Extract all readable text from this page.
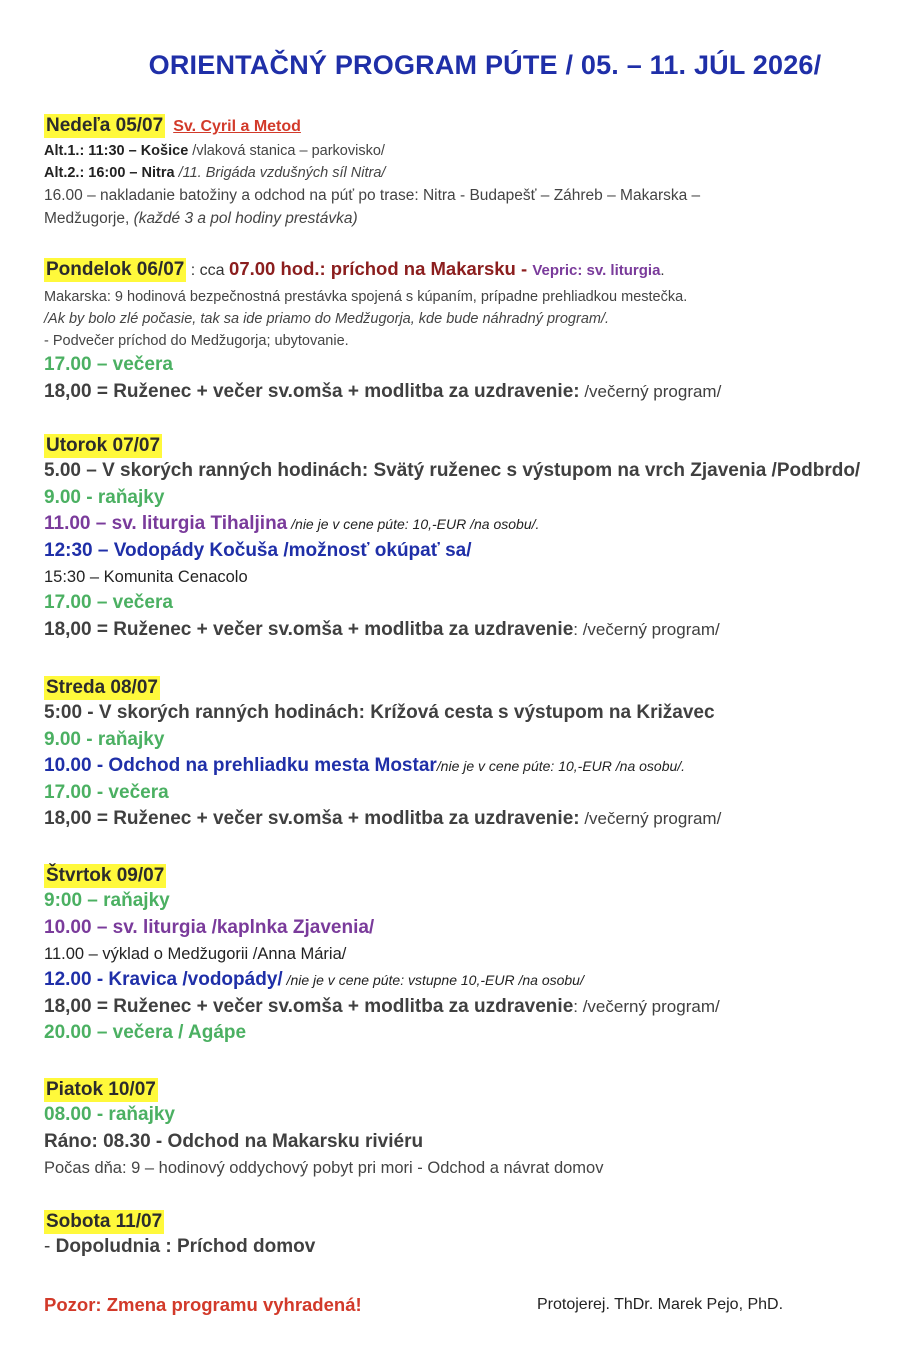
ORIENTAČNÝ PROGRAM PÚTE / 05. – 11. JÚL 2026/
Nedeľa 05/07 Sv. Cyril a Metod
Alt.1.: 11:30 – Košice /vlaková stanica – parkovisko/
Alt.2.: 16:00 – Nitra /11. Brigáda vzdušných síl Nitra/
16.00 – nakladanie batožiny a odchod na púť po trase: Nitra - Budapešť – Záhreb – Makarska –
Medžugorje, (každé 3 a pol hodiny prestávka)
Pondelok 06/07 : cca 07.00 hod.: príchod na Makarsku - Vepric: sv. liturgia.
Makarska: 9 hodinová bezpečnostná prestávka spojená s kúpaním, prípadne prehliadkou mestečka.
/Ak by bolo zlé počasie, tak sa ide priamo do Medžugorja, kde bude náhradný program/.
- Podvečer príchod do Medžugorja; ubytovanie.
17.00 – večera
18,00 = Ruženec + večer sv.omša + modlitba za uzdravenie: /večerný program/
Utorok 07/07
5.00 – V skorých ranných hodinách: Svätý ruženec s výstupom na vrch Zjavenia /Podbrdo/
9.00 - raňajky
11.00 – sv. liturgia Tihaljina /nie je v cene púte: 10,-EUR /na osobu/.
12:30 – Vodopády Kočuša /možnosť okúpať sa/
15:30 – Komunita Cenacolo
17.00 – večera
18,00 = Ruženec + večer sv.omša + modlitba za uzdravenie: /večerný program/
Streda 08/07
5:00 - V skorých ranných hodinách: Krížová cesta s výstupom na Križavec
9.00 - raňajky
10.00 - Odchod na prehliadku mesta Mostar/nie je v cene púte: 10,-EUR /na osobu/.
17.00 - večera
18,00 = Ruženec + večer sv.omša + modlitba za uzdravenie: /večerný program/
Štvrtok 09/07
9:00 – raňajky
10.00 – sv. liturgia /kaplnka Zjavenia/
11.00 – výklad o Medžugorii /Anna Mária/
12.00 - Kravica /vodopády/ /nie je v cene púte: vstupne 10,-EUR /na osobu/
18,00 = Ruženec + večer sv.omša + modlitba za uzdravenie: /večerný program/
20.00 – večera / Agápe
Piatok 10/07
08.00 - raňajky
Ráno: 08.30 - Odchod na Makarsku riviéru
Počas dňa: 9 – hodinový oddychový pobyt pri mori - Odchod a návrat domov
Sobota 11/07
- Dopoludnia : Príchod domov
Pozor: Zmena programu vyhradená!	Protojerej. ThDr. Marek Pejo, PhD.
